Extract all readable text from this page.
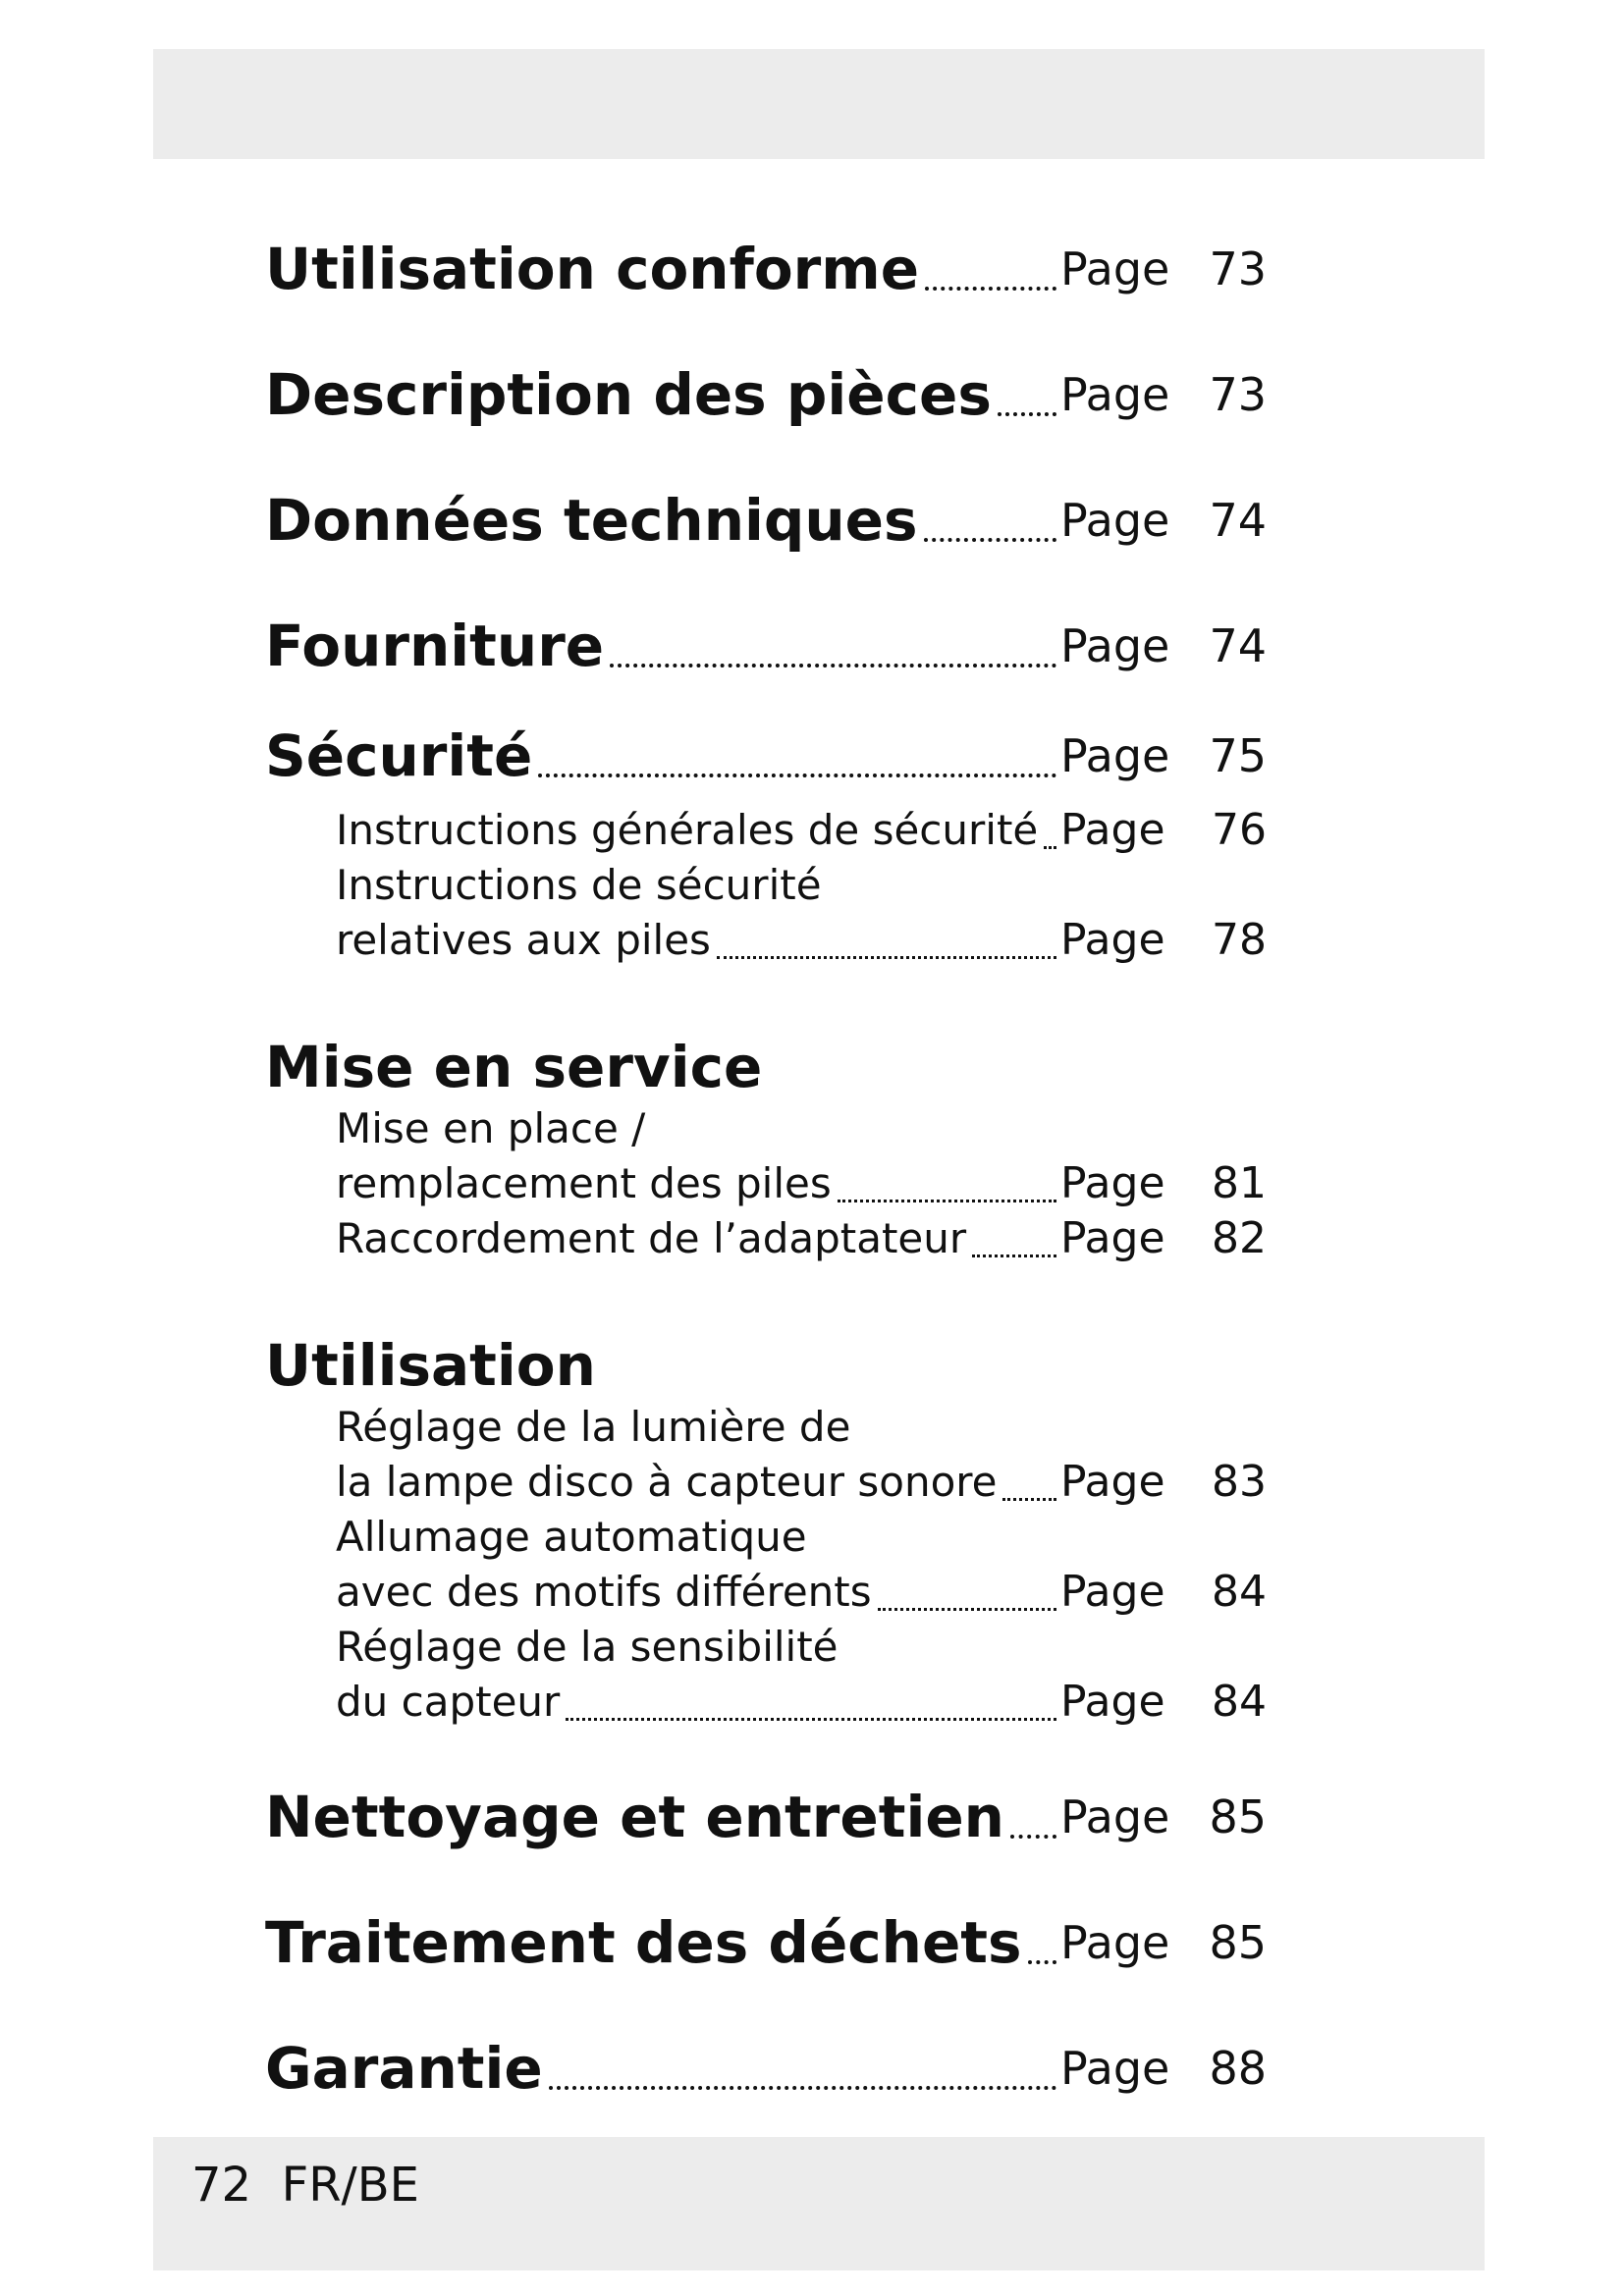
Utilisation conforme	Page 73
Description des pièces Page 73
Données techniques	Page 74
Fourniture	Page 74
Sécurité	Page 75
Instructions générales de sécurité Page	76
Instructions de sécurité
relatives aux piles	Page	78
Mise en service
Mise en place /
remplacement des piles	Page	81
Raccordement de l’adaptateur Page	82
Utilisation
Réglage de la lumière de
la lampe disco à capteur sonore Page	83
Allumage automatique
avec des motifs différents	Page	84
Réglage de la sensibilité
du capteur	Page	84
Nettoyage et entretien Page 85
Traitement des déchets Page 85
Garantie	Page 88
72  FR/BE
